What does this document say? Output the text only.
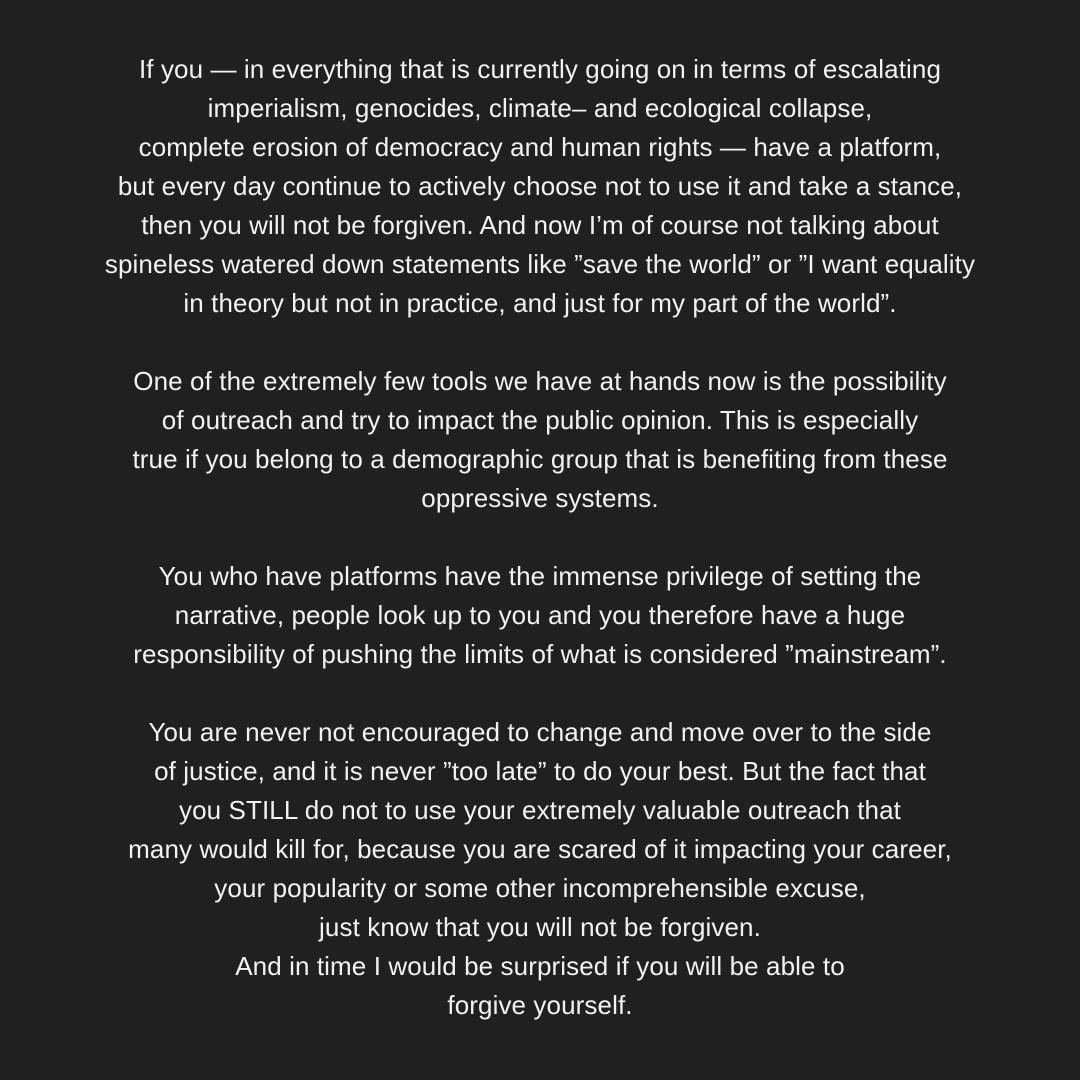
If you — in everything that is currently going on in terms of escalating
imperialism, genocides, climate– and ecological collapse,
complete erosion of democracy and human rights — have a platform,
but every day continue to actively choose not to use it and take a stance,
then you will not be forgiven. And now I’m of course not talking about
spineless watered down statements like ”save the world” or ”I want equality
in theory but not in practice, and just for my part of the world”.
One of the extremely few tools we have at hands now is the possibility
of outreach and try to impact the public opinion. This is especially
true if you belong to a demographic group that is benefiting from these
oppressive systems.
You who have platforms have the immense privilege of setting the
narrative, people look up to you and you therefore have a huge
responsibility of pushing the limits of what is considered ”mainstream”.
You are never not encouraged to change and move over to the side
of justice, and it is never ”too late” to do your best. But the fact that
you STILL do not to use your extremely valuable outreach that
many would kill for, because you are scared of it impacting your career,
your popularity or some other incomprehensible excuse,
just know that you will not be forgiven.
And in time I would be surprised if you will be able to
forgive yourself.
